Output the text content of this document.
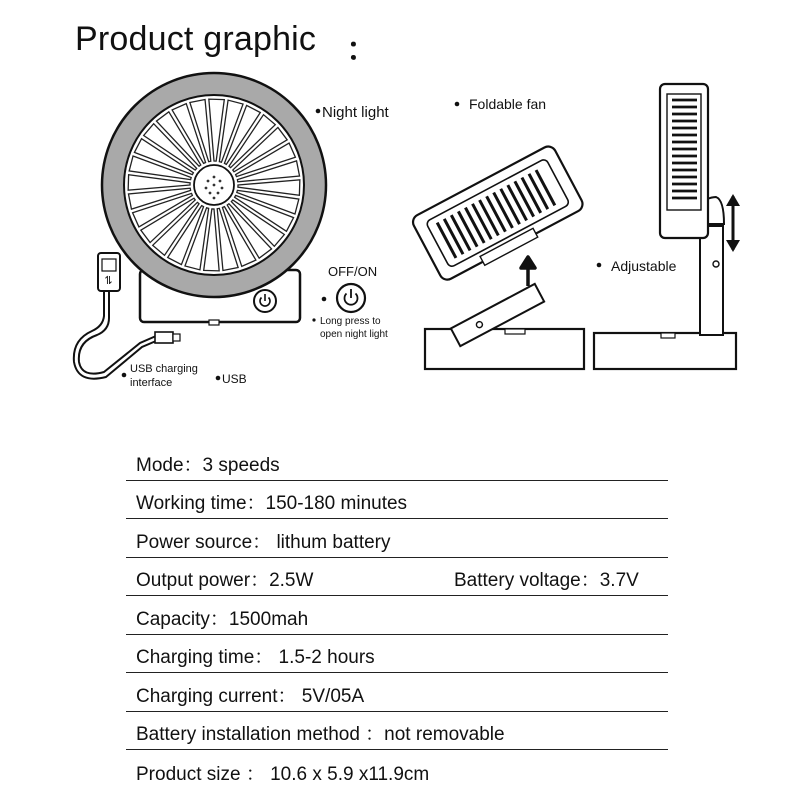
Product graphic ：
Night light
OFF/ON
Long press to
open night light
⇌
USB charging
interface	USB
Foldable fan
Adjustable
Mode：3 speeds
Working time：150-180 minutes
Power source： lithum battery
Output power：2.5W	Battery voltage：3.7V
Capacity：1500mah
Charging time： 1.5-2 hours
Charging current： 5V/05A
Battery installation method ：not removable
Product size ： 10.6 x 5.9 x11.9cm
